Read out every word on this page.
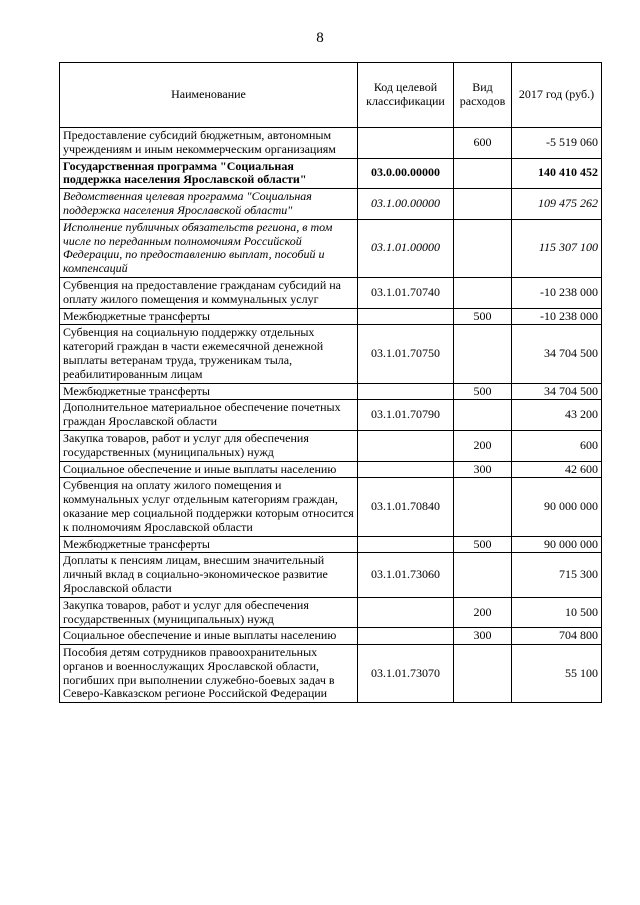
8
Наименование	Код целевой классификации	Вид расходов	2017 год (руб.)
Предоставление субсидий бюджетным, автономным учреждениям и иным некоммерческим организациям		600	-5 519 060
Государственная программа "Социальная поддержка населения Ярославской области"	03.0.00.00000		140 410 452
Ведомственная целевая программа "Социальная поддержка населения Ярославской области"	03.1.00.00000		109 475 262
Исполнение публичных обязательств региона, в том числе по переданным полномочиям Российской Федерации, по предоставлению выплат, пособий и компенсаций	03.1.01.00000		115 307 100
Субвенция на предоставление гражданам субсидий на оплату жилого помещения и коммунальных услуг	03.1.01.70740		-10 238 000
Межбюджетные трансферты		500	-10 238 000
Субвенция на социальную поддержку отдельных категорий граждан в части ежемесячной денежной выплаты ветеранам труда, труженикам тыла, реабилитированным лицам	03.1.01.70750		34 704 500
Межбюджетные трансферты		500	34 704 500
Дополнительное материальное обеспечение почетных граждан Ярославской области	03.1.01.70790		43 200
Закупка товаров, работ и услуг для обеспечения государственных (муниципальных) нужд		200	600
Социальное обеспечение и иные выплаты населению		300	42 600
Субвенция на оплату жилого помещения и коммунальных услуг отдельным категориям граждан, оказание мер социальной поддержки которым относится к полномочиям Ярославской области	03.1.01.70840		90 000 000
Межбюджетные трансферты		500	90 000 000
Доплаты к пенсиям лицам, внесшим значительный личный вклад в социально-экономическое развитие Ярославской области	03.1.01.73060		715 300
Закупка товаров, работ и услуг для обеспечения государственных (муниципальных) нужд		200	10 500
Социальное обеспечение и иные выплаты населению		300	704 800
Пособия детям сотрудников правоохранительных органов и военнослужащих Ярославской области, погибших при выполнении служебно-боевых задач в Северо-Кавказском регионе Российской Федерации	03.1.01.73070		55 100
